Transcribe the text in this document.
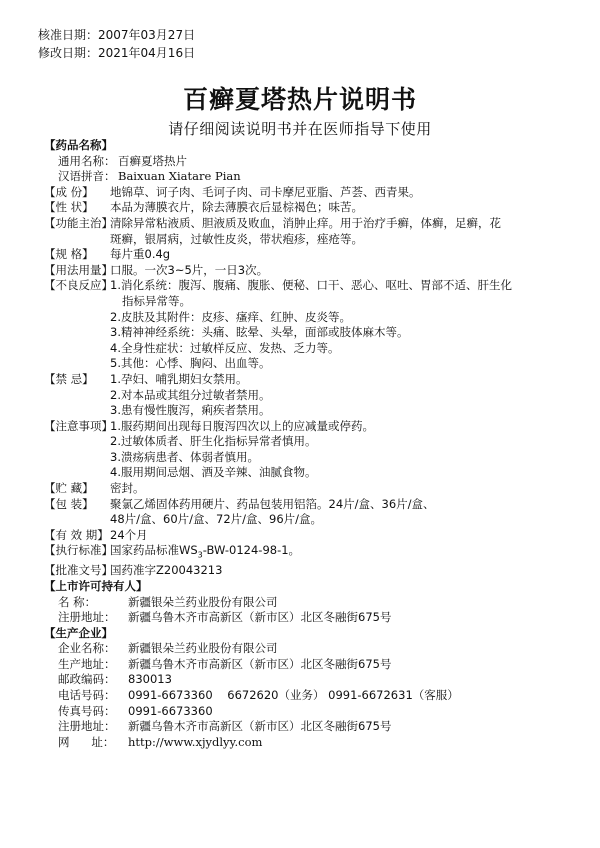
核准日期：2007年03月27日
修改日期：2021年04月16日
百癣夏塔热片说明书
请仔细阅读说明书并在医师指导下使用
【药品名称】
通用名称： 百癣夏塔热片
汉语拼音： Baixuan Xiatare Pian
【成 份】	地锦草、诃子肉、毛诃子肉、司卡摩尼亚脂、芦荟、西青果。
【性 状】	本品为薄膜衣片，除去薄膜衣后显棕褐色；味苦。
【功能主治】
清除异常粘液质、胆液质及败血，消肿止痒。用于治疗手癣，体癣，足癣，花
斑癣，银屑病，过敏性皮炎，带状疱疹，痤疮等。
【规 格】	每片重0.4g
【用法用量】
口服。一次3~5片，一日3次。
【不良反应】
1.消化系统：腹泻、腹痛、腹胀、便秘、口干、恶心、呕吐、胃部不适、肝生化
指标异常等。
2.皮肤及其附件：皮疹、瘙痒、红肿、皮炎等。
3.精神神经系统：头痛、眩晕、头晕，面部或肢体麻木等。
4.全身性症状：过敏样反应、发热、乏力等。
5.其他：心悸、胸闷、出血等。
【禁 忌】	1.孕妇、哺乳期妇女禁用。
2.对本品或其组分过敏者禁用。
3.患有慢性腹泻，痢疾者禁用。
【注意事项】
1.服药期间出现每日腹泻四次以上的应减量或停药。
2.过敏体质者、肝生化指标异常者慎用。
3.溃疡病患者、体弱者慎用。
4.服用期间忌烟、酒及辛辣、油腻食物。
【贮 藏】	密封。
【包 装】	聚氯乙烯固体药用硬片、药品包装用铝箔。24片/盒、36片/盒、
48片/盒、60片/盒、72片/盒、96片/盒。
【有 效 期】 24个月
【执行标准】
国家药品标准$WS_3-BW-0124-98-1$。
【批准文号】
国药准字Z20043213
【上市许可持有人】
名 称：	新疆银朵兰药业股份有限公司
注册地址：	新疆乌鲁木齐市高新区（新市区）北区冬融街675号
【生产企业】
企业名称：	新疆银朵兰药业股份有限公司
生产地址：	新疆乌鲁木齐市高新区（新市区）北区冬融街675号
邮政编码：	830013
电话号码：	0991-6673360    6672620（业务） 0991-6672631（客服）
传真号码：	0991-6673360
注册地址：	新疆乌鲁木齐市高新区（新市区）北区冬融街675号
网      址：	http://www.xjydlyy.com
